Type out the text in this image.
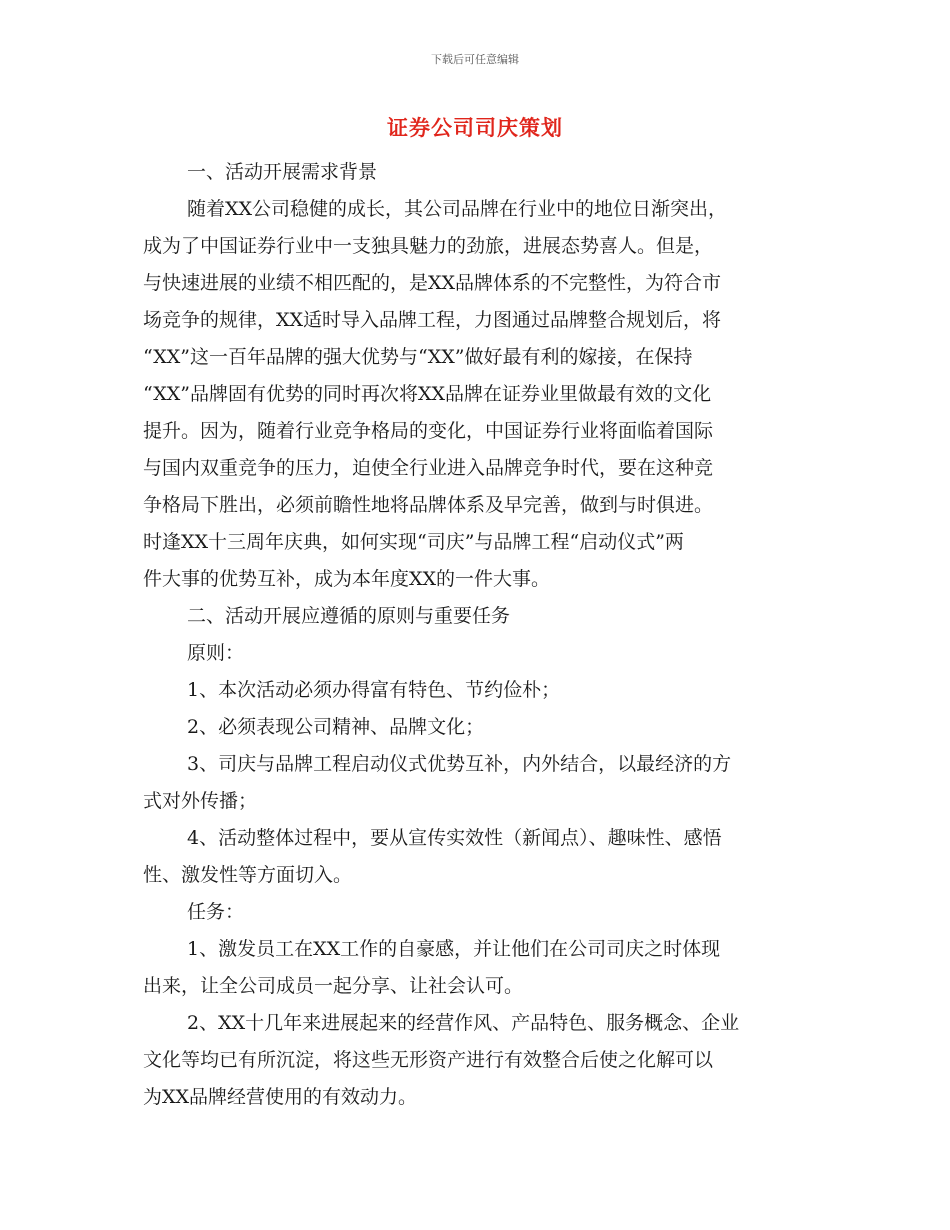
下载后可任意编辑
证券公司司庆策划

一、活动开展需求背景

随着XX公司稳健的成长，其公司品牌在行业中的地位日渐突出，
成为了中国证券行业中一支独具魅力的劲旅，进展态势喜人。但是，
与快速进展的业绩不相匹配的，是XX品牌体系的不完整性，为符合市
场竞争的规律，XX适时导入品牌工程，力图通过品牌整合规划后，将
“XX”这一百年品牌的强大优势与“XX”做好最有利的嫁接，在保持
“XX”品牌固有优势的同时再次将XX品牌在证券业里做最有效的文化
提升。因为，随着行业竞争格局的变化，中国证券行业将面临着国际
与国内双重竞争的压力，迫使全行业进入品牌竞争时代，要在这种竞
争格局下胜出，必须前瞻性地将品牌体系及早完善，做到与时俱进。
时逢XX十三周年庆典，如何实现“司庆”与品牌工程“启动仪式”两
件大事的优势互补，成为本年度XX的一件大事。

二、活动开展应遵循的原则与重要任务

原则：

1、本次活动必须办得富有特色、节约俭朴；

2、必须表现公司精神、品牌文化；

3、司庆与品牌工程启动仪式优势互补，内外结合，以最经济的方
式对外传播；

4、活动整体过程中，要从宣传实效性（新闻点）、趣味性、感悟
性、激发性等方面切入。

任务：

1、激发员工在XX工作的自豪感，并让他们在公司司庆之时体现
出来，让全公司成员一起分享、让社会认可。

2、XX十几年来进展起来的经营作风、产品特色、服务概念、企业
文化等均已有所沉淀，将这些无形资产进行有效整合后使之化解可以
为XX品牌经营使用的有效动力。
